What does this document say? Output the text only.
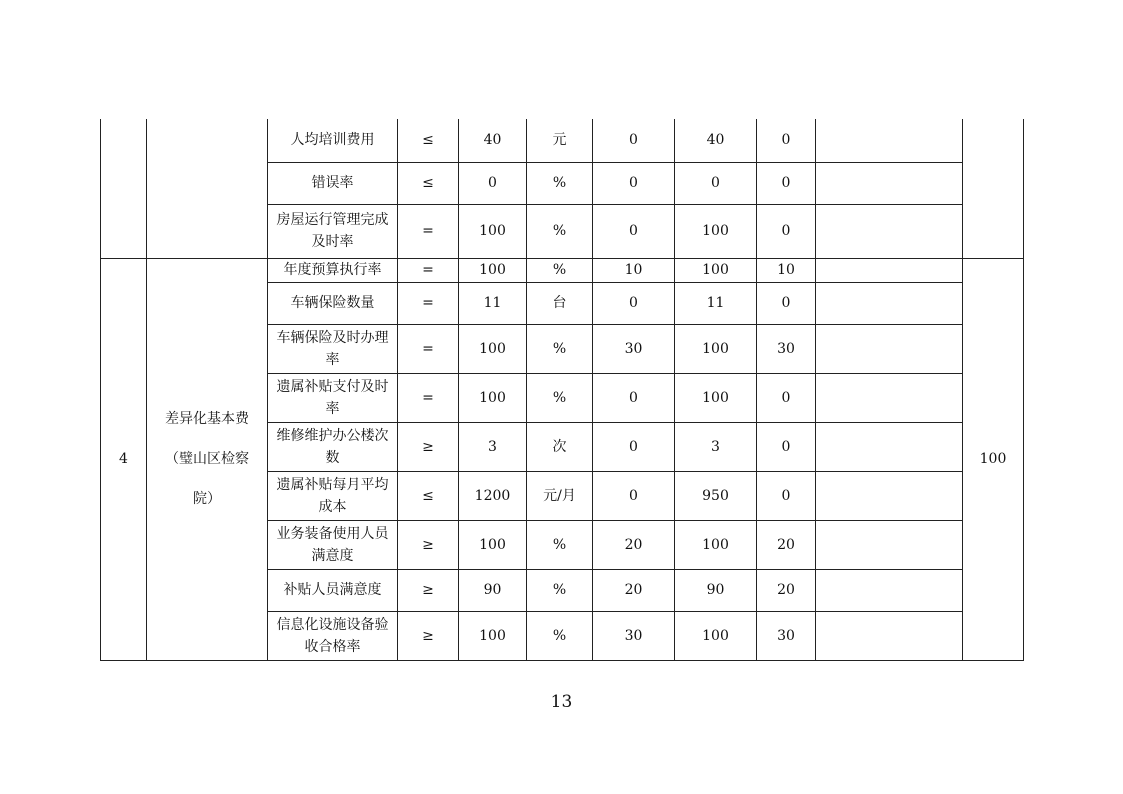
		人均培训费用	≤	40	元	0	40	0		
		错误率	≤	0	%	0	0	0		
		房屋运行管理完成及时率	=	100	%	0	100	0		
4	差异化基本费（璧山区检察院）	年度预算执行率	=	100	%	10	100	10		100
		车辆保险数量	=	11	台	0	11	0		
		车辆保险及时办理率	=	100	%	30	100	30		
		遗属补贴支付及时率	=	100	%	0	100	0		
		维修维护办公楼次数	≥	3	次	0	3	0		
		遗属补贴每月平均成本	≤	1200	元/月	0	950	0		
		业务装备使用人员满意度	≥	100	%	20	100	20		
		补贴人员满意度	≥	90	%	20	90	20		
		信息化设施设备验收合格率	≥	100	%	30	100	30		
13
